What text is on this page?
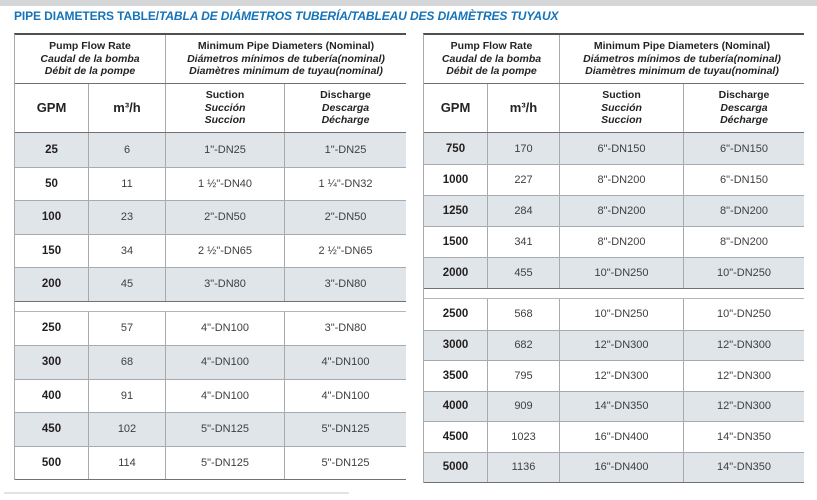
PIPE DIAMETERS TABLE/TABLA DE DIÁMETROS TUBERÍA/TABLEAU DES DIAMÈTRES TUYAUX
Pump Flow Rate
Caudal de la bomba
Débit de la pompe
Minimum Pipe Diameters (Nominal)
Diámetros mínimos de tubería(nominal)
Diamètres minimum de tuyau(nominal)
GPM	m³/h
Suction
Succión
Succion
Discharge
Descarga
Décharge
25	6	1"-DN25	1"-DN25
50	11	1 ½"-DN40	1 ¼"-DN32
100	23	2"-DN50	2"-DN50
150	34	2 ½"-DN65	2 ½"-DN65
200	45	3"-DN80	3"-DN80
250	57	4"-DN100	3"-DN80
300	68	4"-DN100	4"-DN100
400	91	4"-DN100	4"-DN100
450	102	5"-DN125	5"-DN125
500	114	5"-DN125	5"-DN125
Pump Flow Rate
Caudal de la bomba
Débit de la pompe
Minimum Pipe Diameters (Nominal)
Diámetros mínimos de tubería(nominal)
Diamètres minimum de tuyau(nominal)
GPM	m³/h
Suction
Succión
Succion
Discharge
Descarga
Décharge
750	170	6"-DN150	6"-DN150
1000	227	8"-DN200	6"-DN150
1250	284	8"-DN200	8"-DN200
1500	341	8"-DN200	8"-DN200
2000	455	10"-DN250	10"-DN250
2500	568	10"-DN250	10"-DN250
3000	682	12"-DN300	12"-DN300
3500	795	12"-DN300	12"-DN300
4000	909	14"-DN350	12"-DN300
4500	1023	16"-DN400	14"-DN350
5000	1136	16"-DN400	14"-DN350
